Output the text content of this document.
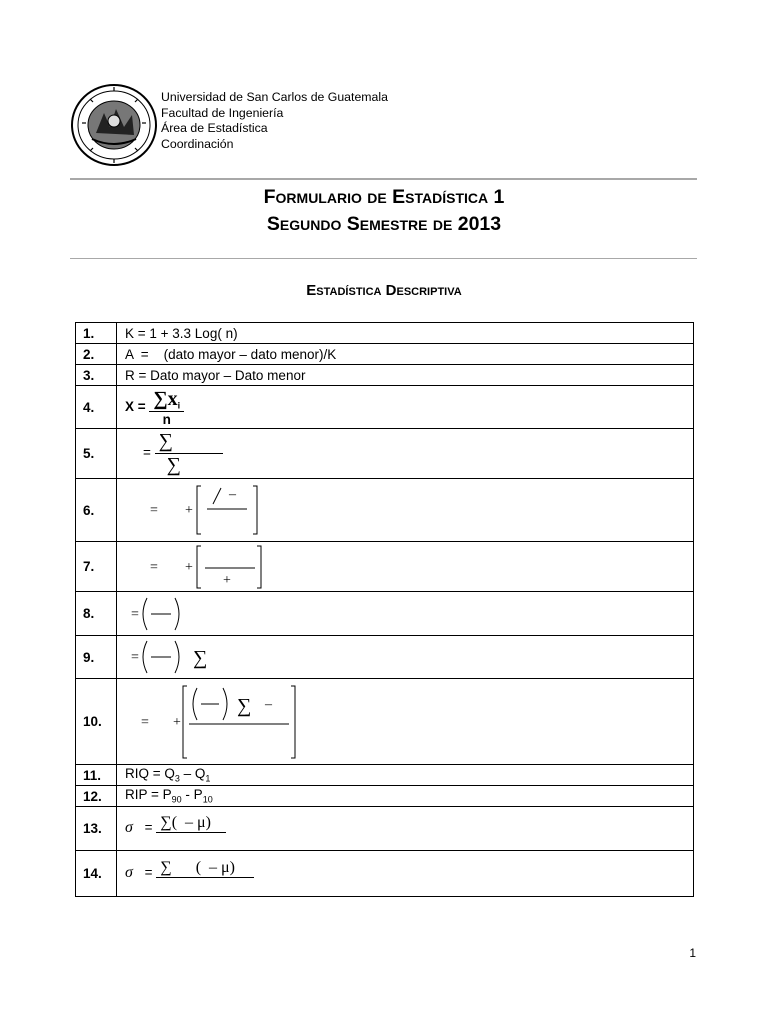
Universidad de San Carlos de Guatemala
Facultad de Ingeniería
Área de Estadística
Coordinación
Formulario de Estadística 1
Segundo Semestre de 2013
Estadística Descriptiva
1.	K = 1 + 3.3 Log( n)
2.	A  =    (dato mayor – dato menor)/K
3.	R = Dato mayor – Dato menor
4.	$X = \frac{\sum x_i}{n}$

5.	= $\frac{\sum}{\sum}$

6.	= +
–

7.	= +
+

8.	=

9.	= ∑

10.	= +
∑ –

11.	RIQ = $Q_3 - Q_1$
12.	RIP = $P_{90} - P_{10}$
13.	σ = ∑(  – μ)

14.	σ = ∑      (  – μ)
1
